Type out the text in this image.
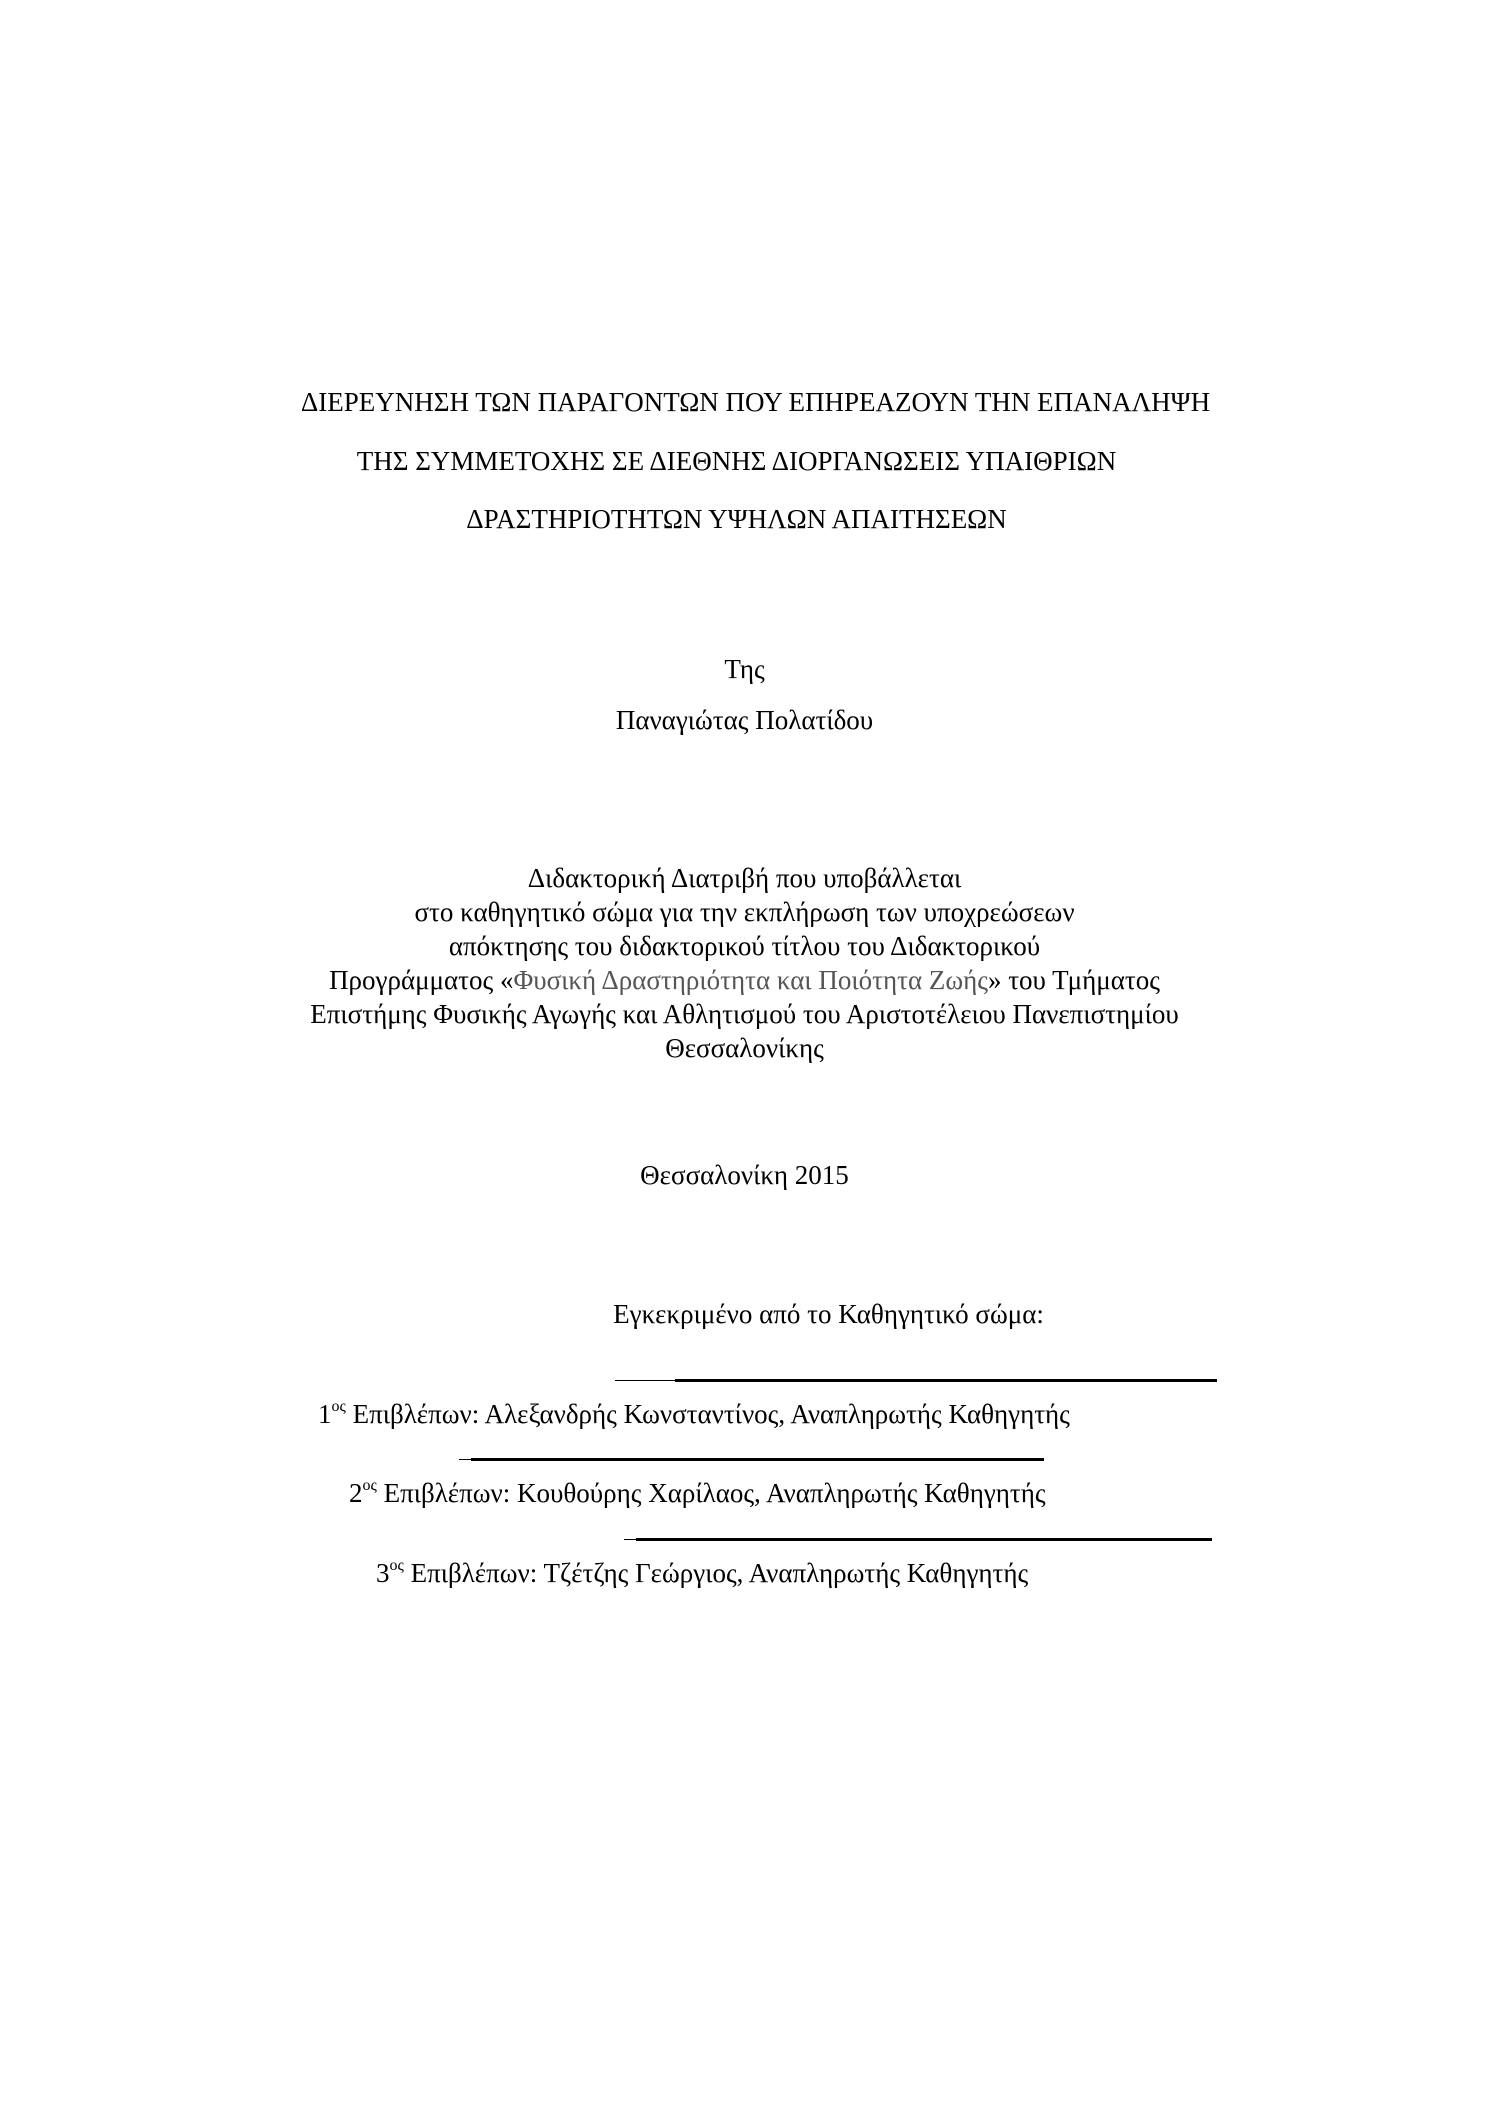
ΔΙΕΡΕΥΝΗΣΗ ΤΩΝ ΠΑΡΑΓΟΝΤΩΝ ΠΟΥ ΕΠΗΡΕΑΖΟΥΝ ΤΗΝ ΕΠΑΝΑΛΗΨΗ
ΤΗΣ ΣΥΜΜΕΤΟΧΗΣ ΣΕ ΔΙΕΘΝΗΣ ΔΙΟΡΓΑΝΩΣΕΙΣ ΥΠΑΙΘΡΙΩΝ
ΔΡΑΣΤΗΡΙΟΤΗΤΩΝ ΥΨΗΛΩΝ ΑΠΑΙΤΗΣΕΩΝ
Της
Παναγιώτας Πολατίδου
Διδακτορική Διατριβή που υποβάλλεται
στο καθηγητικό σώμα για την εκπλήρωση των υποχρεώσεων
απόκτησης του διδακτορικού τίτλου του Διδακτορικού
Προγράμματος «Φυσική Δραστηριότητα και Ποιότητα Ζωής» του Τμήματος
Επιστήμης Φυσικής Αγωγής και Αθλητισμού του Αριστοτέλειου Πανεπιστημίου
Θεσσαλονίκης
Θεσσαλονίκη 2015
Εγκεκριμένο από το Καθηγητικό σώμα:
$1^{o\varsigma}$ Επιβλέπων: Αλεξανδρής Κωνσταντίνος, Αναπληρωτής Καθηγητής
$2^{o\varsigma}$ Επιβλέπων: Κουθούρης Χαρίλαος, Αναπληρωτής Καθηγητής
$3^{o\varsigma}$ Επιβλέπων: Τζέτζης Γεώργιος, Αναπληρωτής Καθηγητής
